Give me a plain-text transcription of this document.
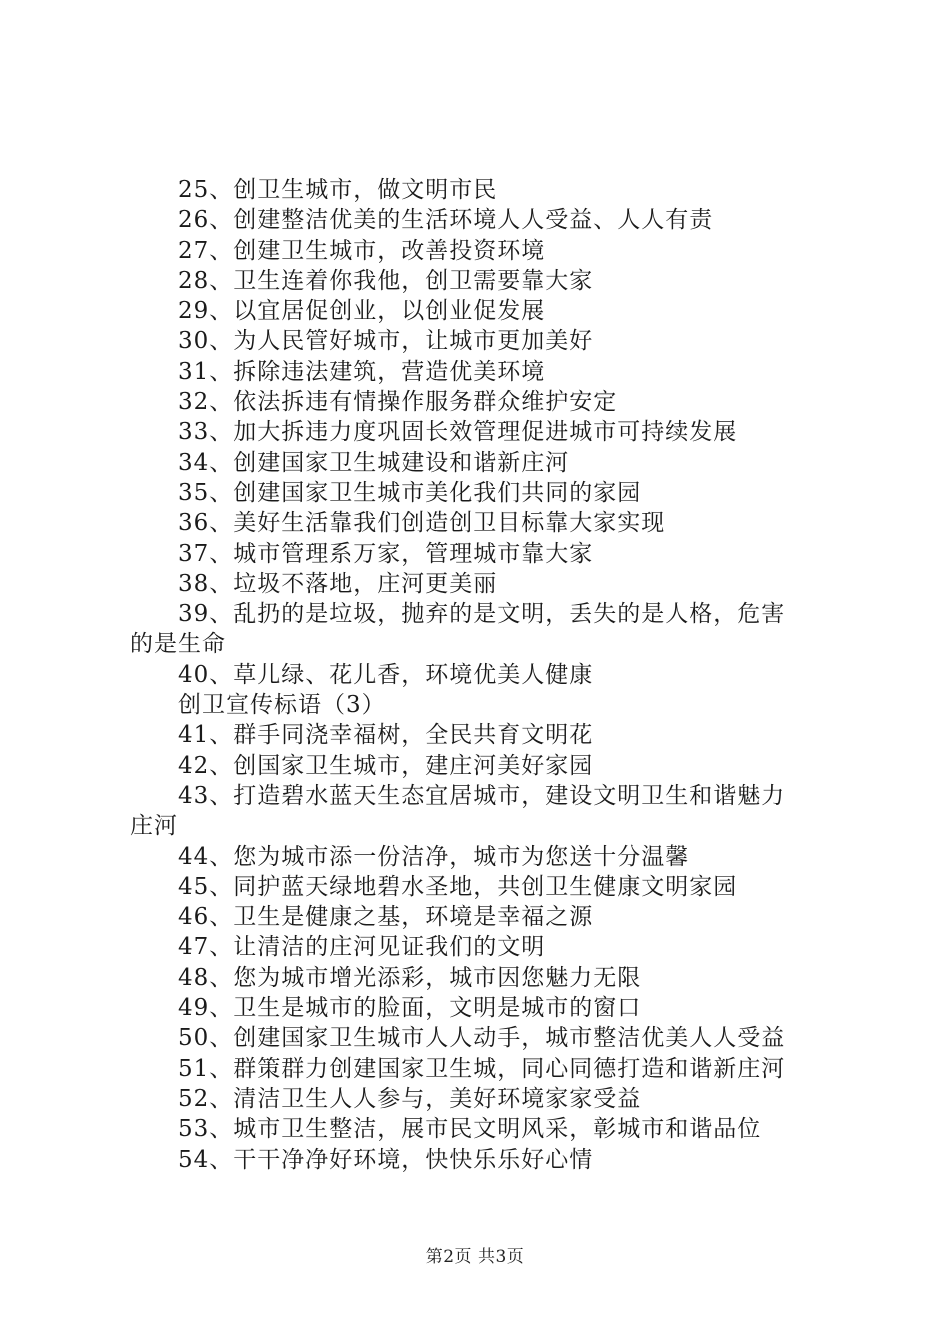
25、创卫生城市，做文明市民
26、创建整洁优美的生活环境人人受益、人人有责
27、创建卫生城市，改善投资环境
28、卫生连着你我他，创卫需要靠大家
29、以宜居促创业，以创业促发展
30、为人民管好城市，让城市更加美好
31、拆除违法建筑，营造优美环境
32、依法拆违有情操作服务群众维护安定
33、加大拆违力度巩固长效管理促进城市可持续发展
34、创建国家卫生城建设和谐新庄河
35、创建国家卫生城市美化我们共同的家园
36、美好生活靠我们创造创卫目标靠大家实现
37、城市管理系万家，管理城市靠大家
38、垃圾不落地，庄河更美丽
39、乱扔的是垃圾，抛弃的是文明，丢失的是人格，危害
的是生命
40、草儿绿、花儿香，环境优美人健康
创卫宣传标语（3）
41、群手同浇幸福树，全民共育文明花
42、创国家卫生城市，建庄河美好家园
43、打造碧水蓝天生态宜居城市，建设文明卫生和谐魅力
庄河
44、您为城市添一份洁净，城市为您送十分温馨
45、同护蓝天绿地碧水圣地，共创卫生健康文明家园
46、卫生是健康之基，环境是幸福之源
47、让清洁的庄河见证我们的文明
48、您为城市增光添彩，城市因您魅力无限
49、卫生是城市的脸面，文明是城市的窗口
50、创建国家卫生城市人人动手，城市整洁优美人人受益
51、群策群力创建国家卫生城，同心同德打造和谐新庄河
52、清洁卫生人人参与，美好环境家家受益
53、城市卫生整洁，展市民文明风采，彰城市和谐品位
54、干干净净好环境，快快乐乐好心情
第2页 共3页
